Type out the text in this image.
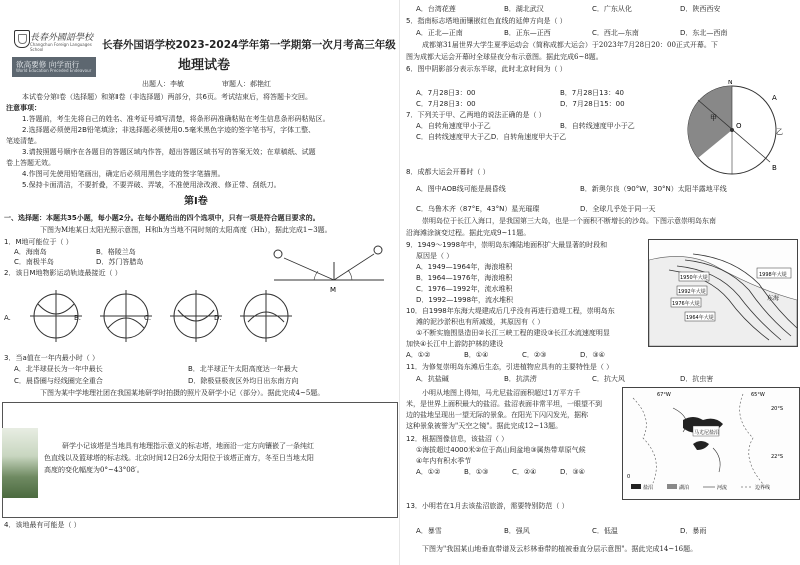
長春外國語學校
Changchun Foreign Languages School
欲高要修 向学而行
World Education Preceded Endeavour
长春外国语学校2023-2024学年第一学期第一次月考高三年级
地理试卷
出题人：李敏	审题人：郝艳红
本试卷分第Ⅰ卷（选择题）和第Ⅱ卷（非选择题）两部分，共6页。考试结束后，将答题卡交回。
注意事项：
1.答题前，考生先将自己的姓名、准考证号填写清楚，将条形码准确粘贴在考生信息条形码粘贴区。
2.选择题必须使用2B铅笔填涂；非选择题必须使用0.5毫米黑色字迹的签字笔书写，字体工整、
笔迹清楚。
3.请按照题号顺序在各题目的答题区域内作答，超出答题区域书写的答案无效；在草稿纸、试题
卷上答题无效。
4.作图可先使用铅笔画出，确定后必须用黑色字迹的签字笔描黑。
5.保持卡面清洁，不要折叠，不要弄破、弄皱，不准使用涂改液、修正带、刮纸刀。
第Ⅰ卷
一、选择题：本题共35小题，每小题2分。在每小题给出的四个选项中，只有一项是符合题目要求的。
下图为M地某日太阳光照示意图，H和h为当地不同时刻的太阳高度（Hh），据此完成1~3题。
1．M地可能位于（ ）
A．海南岛	B．格陵兰岛
C．南极半岛	D．苏门答腊岛
2．该日M地物影运动轨迹最接近（ ）
M
A.	B.	C.	D.
3．当a值在一年内最小时（ ）
A．北半球昼长为一年中最长	B．北半球正午太阳高度达一年最大
C．晨昏圈与经线圈完全重合	D．除极昼极夜区外均日出东南方向
下图为某中学地理社团在我国某地研学时拍摄的照片及研学小记（部分）。据此完成4~5题。
研学小记该塔是当地具有地理指示意义的标志塔，地面沿一定方向镶嵌了一条纯红
色直线以及篮球塔的标志线。北京时间12日26分太阳位于该塔正南方，冬至日当地太阳
高度的变化幅度为0°~43°08′。
4．该地最有可能是（ ）
A．台湾花莲	B．湖北武汉	C．广东从化	D．陕西西安
5．指南标志塔地面镶嵌红色直线的延伸方向是（ ）
A．正北—正南	B．正东—正西	C．西北—东南	D．东北—西南
成都第31届世界大学生夏季运动会（简称成都大运会）于2023年7月28日20：00正式开幕。下
图为成都大运会开幕时全球昼夜分布示意图。据此完成6~8题。
6．图中阴影部分表示东半球，此时北京时间为（ ）
A．7月28日3：00	B．7月28日13：40
C．7月28日3：00	D．7月28日15：00
7．下列关于甲、乙两地的说法正确的是（ ）
A．自转角速度甲小于乙	B．自转线速度甲小于乙
C．自转线速度甲大于乙D．自转角速度甲大于乙
A
O
B
甲
乙
N
8．成都大运会开幕时（ ）
A．图中AOB线可能是晨昏线	B．新奥尔良（90°W，30°N）太阳半露地平线
C．乌鲁木齐（87°E，43°N）星光璀璨	D．全球几乎处于同一天
崇明岛位于长江入海口，是我国第三大岛，也是一个面积不断增长的沙岛。下图示意崇明岛东南
沿海滩涂演变过程。据此完成9~11题。
9．1949～1998年中，崇明岛东滩陆地面积扩大最显著的时段和
原因是（ ）
A．1949—1964年，海浪堆积
B．1964—1976年，海浪堆积
C．1976—1992年，流水堆积
D．1992—1998年，流水堆积
1998年大堤
1950年大堤
1992年大堤
1976年大堤
1964年大堤
东海
10．自1998年东海大堤建成后几乎没有再进行造堤工程，崇明岛东
滩的泥沙淤积也有所减缓，其原因有（ ）
①不断实施围垦造田②长江三峡工程的建设③长江水流速度明显
加快④长江中上游防护林的建设
A．①②	B．①④	C．②③	D．③④
11．为修复崇明岛东滩后生态，引进植物应具有的主要特性是（ ）
A．抗盐碱	B．抗洪涝	C．抗大风	D．抗虫害
小明从地图上得知，马尤尼盐沼面积超过1万平方千
米，是世界上面积最大的盐沼。盐沼表面非常平坦，一眼望不到
边的盐地呈现出一望无际的景象。在阳光下闪闪发光，据称
这种景象被誉为"天空之镜"。据此完成12~13题。
12．根据图像信息，该盐沼（ ）
①海拔超过4000米②位于高山间盆地③属热带草原气候
④年内有积水季节
A．①②	B．①③	C．②④	D．③④
马尤尼盐沼
20°S
22°S
65°W
67°W
盐沼	湖泊	河流	边界线
0
13．小明若在1月去该盐沼旅游，需要特别防范（ ）
A．暴雪	B．强风	C．低温	D．暴雨
下图为"我国某山地垂直带谱及云杉林垂带的植被垂直分层示意图"。据此完成14~16题。
